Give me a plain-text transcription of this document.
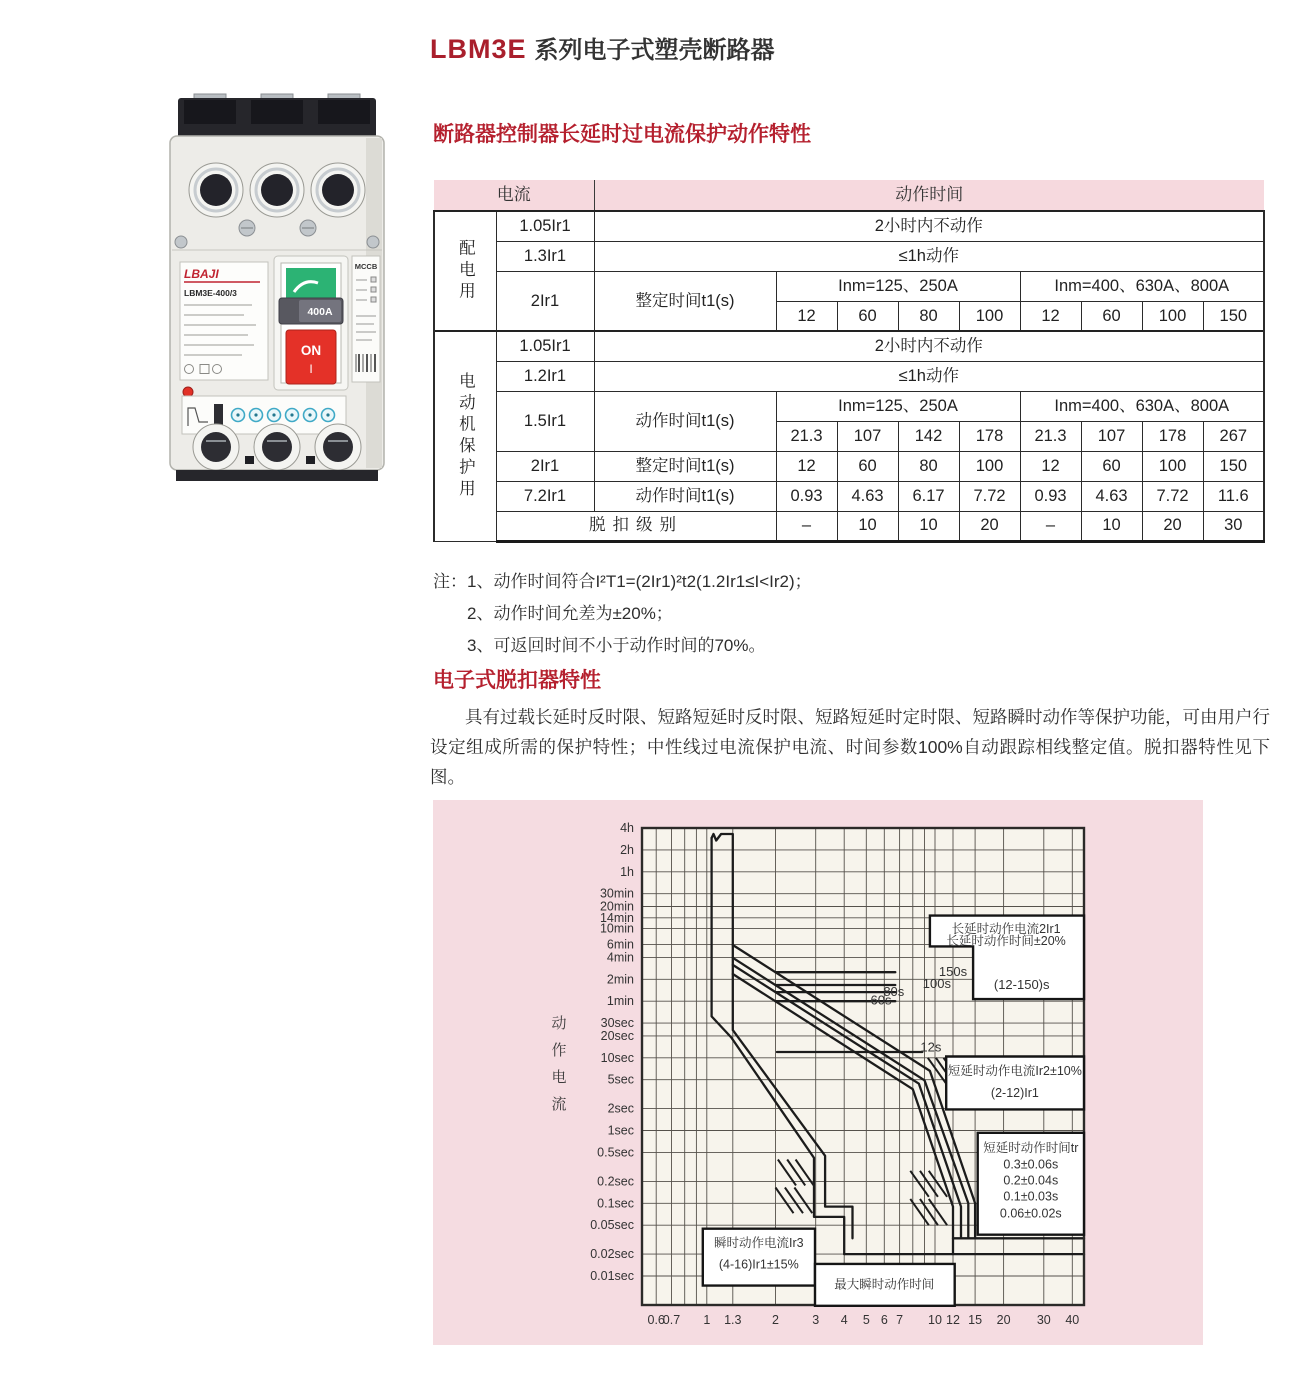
LBM3E 系列电子式塑壳断路器
LBAJI
LBM3E-400/3
400A
ON
I
MCCB
断路器控制器长延时过电流保护动作特性
电流		动作时间								
配电用	1.05Ir1	2小时内不动作								
	1.3Ir1	≤1h动作								
	2Ir1	整定时间t1(s)	Inm=125、250A				Inm=400、630A、800A			
			12	60	80	100	12	60	100	150
电动机保护用	1.05Ir1	2小时内不动作								
	1.2Ir1	≤1h动作								
	1.5Ir1	动作时间t1(s)	Inm=125、250A				Inm=400、630A、800A			
			21.3	107	142	178	21.3	107	178	267
	2Ir1	整定时间t1(s)	12	60	80	100	12	60	100	150
	7.2Ir1	动作时间t1(s)	0.93	4.63	6.17	7.72	0.93	4.63	7.72	11.6
	脱扣级别		–	10	10	20	–	10	20	30
注： 1、动作时间符合I²T1=(2Ir1)²t2(1.2Ir1≤I<Ir2)；
2、动作时间允差为±20%；
3、可返回时间不小于动作时间的70%。
电子式脱扣器特性
具有过载长延时反时限、短路短延时反时限、短路短延时定时限、短路瞬时动作等保护功能，可由用户行设定组成所需的保护特性；中性线过电流保护电流、时间参数100%自动跟踪相线整定值。脱扣器特性见下图。
长延时动作电流2Ir1
长延时动作时间±20%
短延时动作电流Ir2±10%
(2-12)Ir1
短延时动作时间tr
0.3±0.06s
0.2±0.04s
0.1±0.03s
0.06±0.02s
瞬时动作电流Ir3
(4-16)Ir1±15%
最大瞬时动作时间
150s
100s
80s
60s
12s
(12-150)s
0.6
0.7 1 1.3 2	3 4 5 6 7 10 12 15 20 30 40
4h
2h
1h
30min
20min
14min
10min
6min
4min
2min
1min
30sec
20sec
10sec
5sec
2sec
1sec
0.5sec
0.2sec
0.1sec
0.05sec
0.02sec
0.01sec
动
作
电
流
